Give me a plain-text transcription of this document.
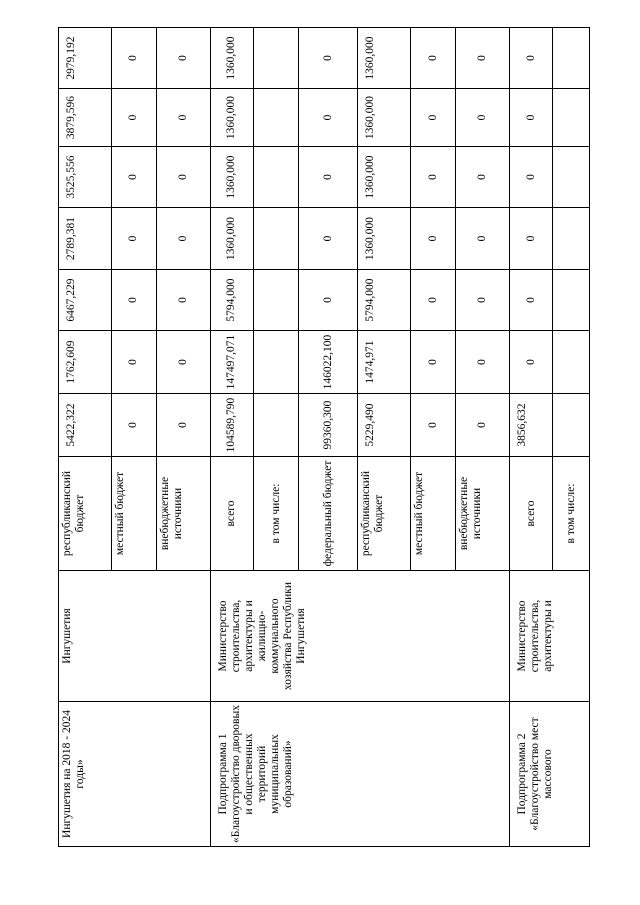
Ингушетия на 2018 - 2024 годы»	Ингушетия	республиканский бюджет	5422,322	1762,609	6467,229	2789,381	3525,556	3879,596	2979,192
		местный бюджет	0	0	0	0	0	0	0
		внебюджетные источники	0	0	0	0	0	0	0
Подпрограмма 1 «Благоустройство дворовых и общественных территорий муниципальных образований»	Министерство строительства, архитектуры и жилищно-коммунального хозяйства Республики Ингушетия	всего	104589,790	147497,071	5794,000	1360,000	1360,000	1360,000	1360,000
		в том числе:							
		федеральный бюджет	99360,300	146022,100	0	0	0	0	0
		республиканский бюджет	5229,490	1474,971	5794,000	1360,000	1360,000	1360,000	1360,000
		местный бюджет	0	0	0	0	0	0	0
		внебюджетные источники	0	0	0	0	0	0	0
Подпрограмма 2 «Благоустройство мест массового	Министерство строительства, архитектуры и	всего	3856,632	0	0	0	0	0	0
		в том числе:							
